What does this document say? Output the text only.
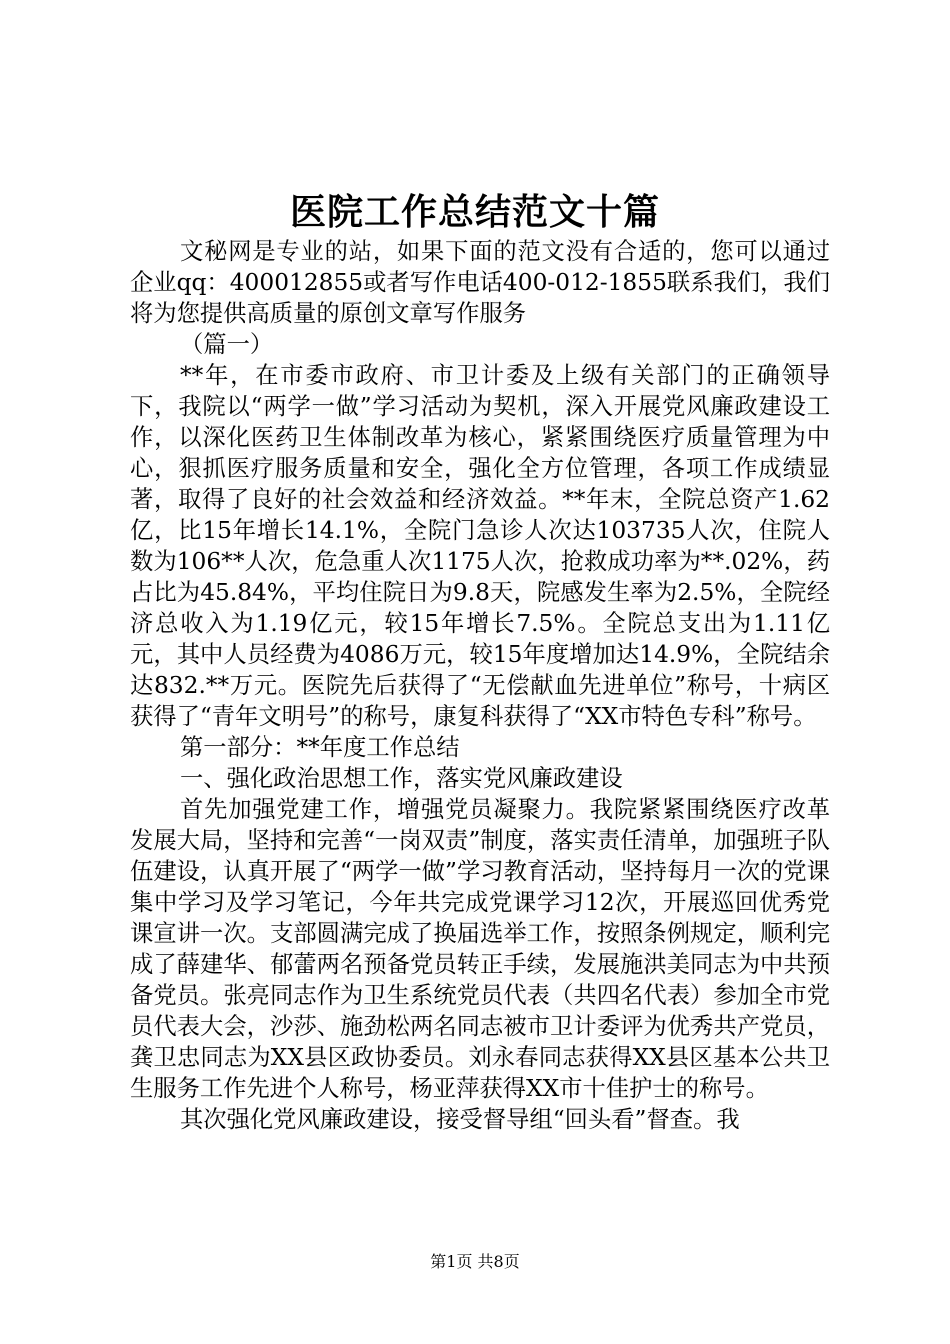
医院工作总结范文十篇

文秘网是专业的站，如果下面的范文没有合适的，您可以通过企业qq：400012855或者写作电话400-012-1855联系我们，我们将为您提供高质量的原创文章写作服务

（篇一）

**年，在市委市政府、市卫计委及上级有关部门的正确领导下，我院以“两学一做”学习活动为契机，深入开展党风廉政建设工作，以深化医药卫生体制改革为核心，紧紧围绕医疗质量管理为中心，狠抓医疗服务质量和安全，强化全方位管理，各项工作成绩显著，取得了良好的社会效益和经济效益。**年末，全院总资产1.62亿，比15年增长14.1%，全院门急诊人次达103735人次，住院人数为106**人次，危急重人次1175人次，抢救成功率为**.02%，药占比为45.84%，平均住院日为9.8天，院感发生率为2.5%，全院经济总收入为1.19亿元，较15年增长7.5%。全院总支出为1.11亿元，其中人员经费为4086万元，较15年度增加达14.9%，全院结余达832.**万元。医院先后获得了“无偿献血先进单位”称号，十病区获得了“青年文明号”的称号，康复科获得了“XX市特色专科”称号。

第一部分：**年度工作总结

一、强化政治思想工作，落实党风廉政建设

首先加强党建工作，增强党员凝聚力。我院紧紧围绕医疗改革发展大局，坚持和完善“一岗双责”制度，落实责任清单，加强班子队伍建设，认真开展了“两学一做”学习教育活动，坚持每月一次的党课集中学习及学习笔记，今年共完成党课学习12次，开展巡回优秀党课宣讲一次。支部圆满完成了换届选举工作，按照条例规定，顺利完成了薛建华、郁蕾两名预备党员转正手续，发展施洪美同志为中共预备党员。张亮同志作为卫生系统党员代表（共四名代表）参加全市党员代表大会，沙莎、施劲松两名同志被市卫计委评为优秀共产党员，龚卫忠同志为XX县区政协委员。刘永春同志获得XX县区基本公共卫生服务工作先进个人称号，杨亚萍获得XX市十佳护士的称号。

其次强化党风廉政建设，接受督导组“回头看”督查。我

第1页 共8页
